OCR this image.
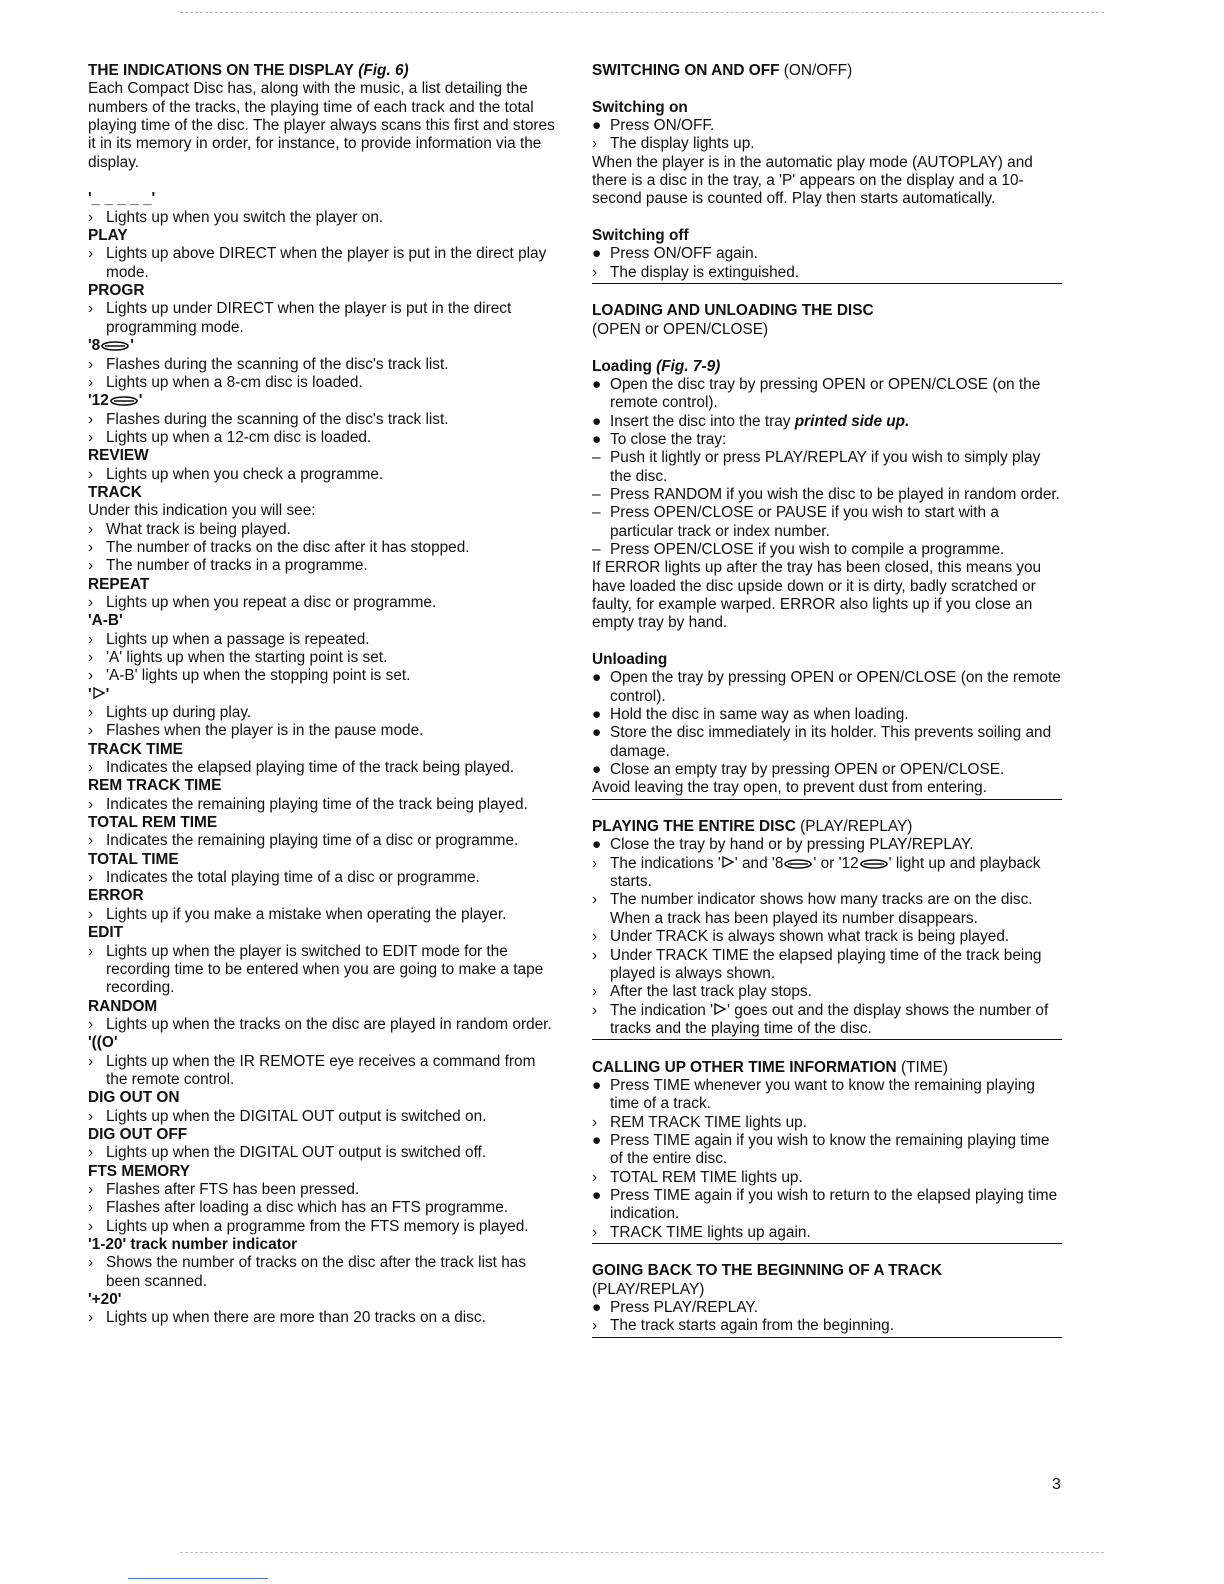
THE INDICATIONS ON THE DISPLAY (Fig. 6)
Each Compact Disc has, along with the music, a list detailing the numbers of the tracks, the playing time of each track and the total playing time of the disc. The player always scans this first and stores it in its memory in order, for instance, to provide information via the display.
'_ _ _ _ _'
› Lights up when you switch the player on.
PLAY
› Lights up above DIRECT when the player is put in the direct play mode.
PROGR
› Lights up under DIRECT when the player is put in the direct programming mode.
'8 '
› Flashes during the scanning of the disc's track list.
› Lights up when a 8-cm disc is loaded.
'12 '
› Flashes during the scanning of the disc's track list.
› Lights up when a 12-cm disc is loaded.
REVIEW
› Lights up when you check a programme.
TRACK
Under this indication you will see:
› What track is being played.
› The number of tracks on the disc after it has stopped.
› The number of tracks in a programme.
REPEAT
› Lights up when you repeat a disc or programme.
'A-B'
› Lights up when a passage is repeated.
› 'A' lights up when the starting point is set.
› 'A-B' lights up when the stopping point is set.
' '
› Lights up during play.
› Flashes when the player is in the pause mode.
TRACK TIME
› Indicates the elapsed playing time of the track being played.
REM TRACK TIME
› Indicates the remaining playing time of the track being played.
TOTAL REM TIME
› Indicates the remaining playing time of a disc or programme.
TOTAL TIME
› Indicates the total playing time of a disc or programme.
ERROR
› Lights up if you make a mistake when operating the player.
EDIT
› Lights up when the player is switched to EDIT mode for the recording time to be entered when you are going to make a tape recording.
RANDOM
› Lights up when the tracks on the disc are played in random order.
'((O'
› Lights up when the IR REMOTE eye receives a command from the remote control.
DIG OUT ON
› Lights up when the DIGITAL OUT output is switched on.
DIG OUT OFF
› Lights up when the DIGITAL OUT output is switched off.
FTS MEMORY
› Flashes after FTS has been pressed.
› Flashes after loading a disc which has an FTS programme.
› Lights up when a programme from the FTS memory is played.
'1-20' track number indicator
› Shows the number of tracks on the disc after the track list has been scanned.
'+20'
› Lights up when there are more than 20 tracks on a disc.
SWITCHING ON AND OFF (ON/OFF)
Switching on
● Press ON/OFF.
› The display lights up.
When the player is in the automatic play mode (AUTOPLAY) and there is a disc in the tray, a 'P' appears on the display and a 10-second pause is counted off. Play then starts automatically.
Switching off
● Press ON/OFF again.
› The display is extinguished.
LOADING AND UNLOADING THE DISC
(OPEN or OPEN/CLOSE)
Loading (Fig. 7-9)
● Open the disc tray by pressing OPEN or OPEN/CLOSE (on the remote control).
● Insert the disc into the tray printed side up.
● To close the tray:
– Push it lightly or press PLAY/REPLAY if you wish to simply play the disc.
– Press RANDOM if you wish the disc to be played in random order.
– Press OPEN/CLOSE or PAUSE if you wish to start with a particular track or index number.
– Press OPEN/CLOSE if you wish to compile a programme.
If ERROR lights up after the tray has been closed, this means you have loaded the disc upside down or it is dirty, badly scratched or faulty, for example warped. ERROR also lights up if you close an empty tray by hand.
Unloading
● Open the tray by pressing OPEN or OPEN/CLOSE (on the remote control).
● Hold the disc in same way as when loading.
● Store the disc immediately in its holder. This prevents soiling and damage.
● Close an empty tray by pressing OPEN or OPEN/CLOSE.
Avoid leaving the tray open, to prevent dust from entering.
PLAYING THE ENTIRE DISC (PLAY/REPLAY)
● Close the tray by hand or by pressing PLAY/REPLAY.
› The indications ' ' and '8 ' or '12 ' light up and playback starts.
› The number indicator shows how many tracks are on the disc. When a track has been played its number disappears.
› Under TRACK is always shown what track is being played.
› Under TRACK TIME the elapsed playing time of the track being played is always shown.
› After the last track play stops.
› The indication ' ' goes out and the display shows the number of tracks and the playing time of the disc.
CALLING UP OTHER TIME INFORMATION (TIME)
● Press TIME whenever you want to know the remaining playing time of a track.
› REM TRACK TIME lights up.
● Press TIME again if you wish to know the remaining playing time of the entire disc.
› TOTAL REM TIME lights up.
● Press TIME again if you wish to return to the elapsed playing time indication.
› TRACK TIME lights up again.
GOING BACK TO THE BEGINNING OF A TRACK
(PLAY/REPLAY)
● Press PLAY/REPLAY.
› The track starts again from the beginning.
3
